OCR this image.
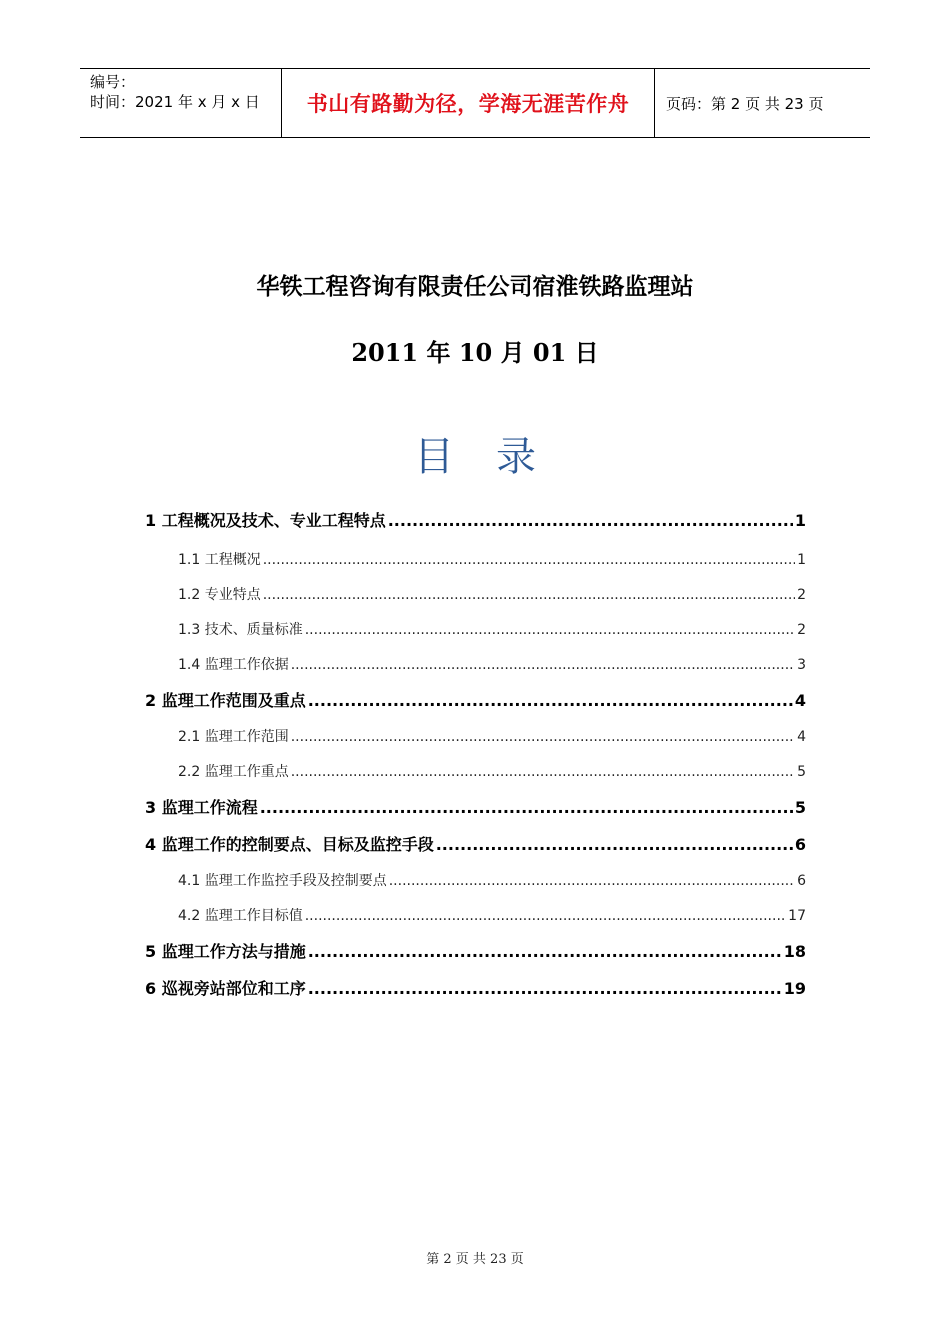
编号：
时间：2021 年 x 月 x 日	书山有路勤为径，学海无涯苦作舟	页码：第 2 页 共 23 页
华铁工程咨询有限责任公司宿淮铁路监理站
2011 年 10 月 01 日
目录
1 工程概况及技术、专业工程特点 .....	1
1.1 工程概况 .....	1
1.2 专业特点 .....	2
1.3 技术、质量标准 .....	2
1.4 监理工作依据 .....	3
2 监理工作范围及重点 .....	4
2.1 监理工作范围 .....	4
2.2 监理工作重点 .....	5
3 监理工作流程 .....	5
4 监理工作的控制要点、目标及监控手段 .....	6
4.1 监理工作监控手段及控制要点 .....	6
4.2 监理工作目标值 .....	17
5 监理工作方法与措施 .....	18
6 巡视旁站部位和工序 .....	19
第 2 页 共 23 页
